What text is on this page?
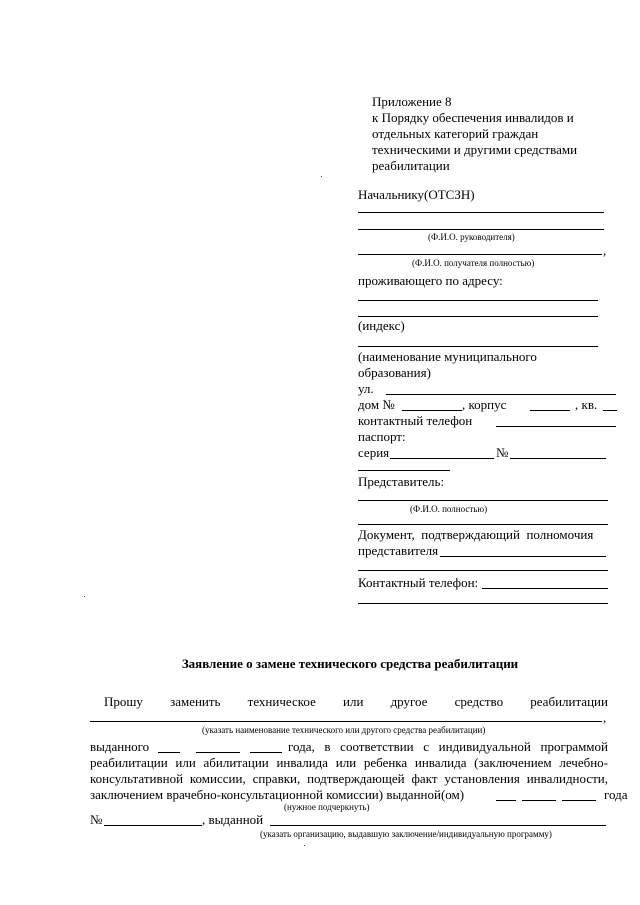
Приложение 8
к Порядку обеспечения инвалидов и
отдельных категорий граждан
техническими и другими средствами
реабилитации
Начальнику(ОТСЗН)
(Ф.И.О. руководителя)
,
(Ф.И.О. получателя полностью)
проживающего по адресу:
(индекс)
(наименование муниципального
образования)
ул.
дом №	, корпус	, кв.
контактный телефон
паспорт:
серия	№
Представитель:
(Ф.И.О. полностью)
Документ,  подтверждающий  полномочия
представителя
Контактный телефон:
Заявление о замене технического средства реабилитации
Прошу заменить техническое или другое средство реабилитации
,
(указать наименование технического или другого средства реабилитации)
выданного	года, в соответствии с индивидуальной программой
реабилитации или абилитации инвалида или ребенка инвалида (заключением лечебно-
консультативной комиссии, справки, подтверждающей факт установления инвалидности,
заключением врачебно-консультационной комиссии) выданной(ом)	года
(нужное подчеркнуть)
№	, выданной
(указать организацию, выдавшую заключение/индивидуальную программу)
